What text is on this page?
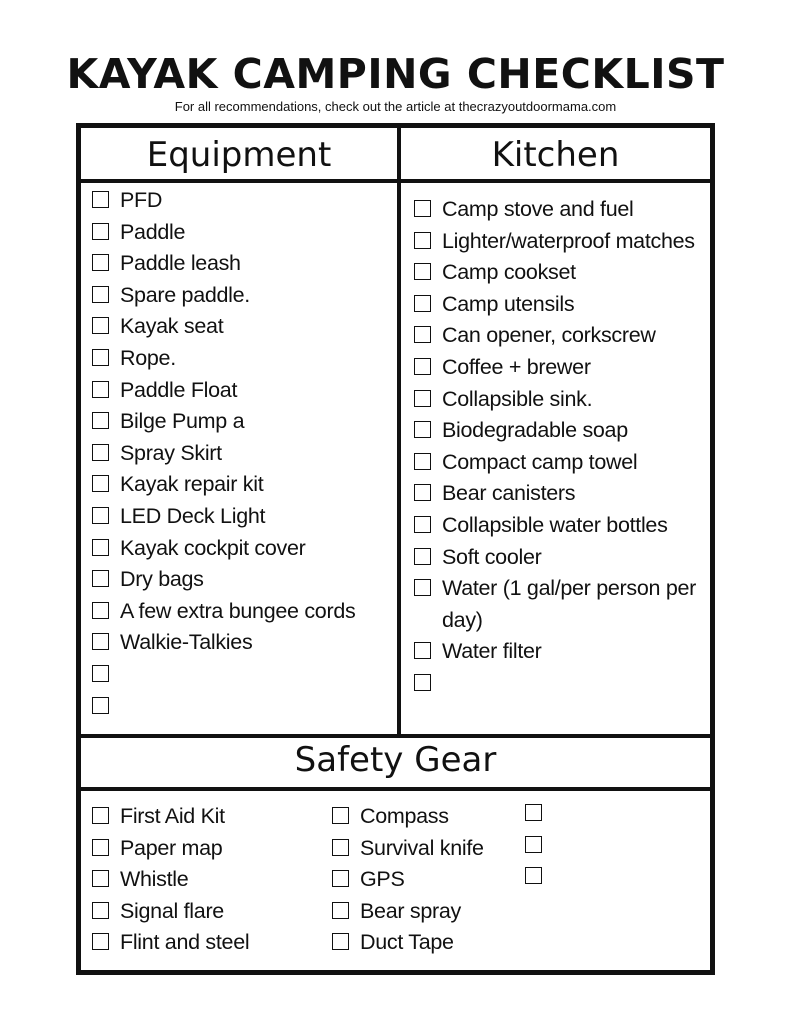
KAYAK CAMPING CHECKLIST
For all recommendations, check out the article at thecrazyoutdoormama.com
Equipment	Kitchen
Safety Gear
PFD
Paddle
Paddle leash
Spare paddle.
Kayak seat
Rope.
Paddle Float
Bilge Pump a
Spray Skirt
Kayak repair kit
LED Deck Light
Kayak cockpit cover
Dry bags
A few extra bungee cords
Walkie-Talkies
Camp stove and fuel
Lighter/waterproof matches
Camp cookset
Camp utensils
Can opener, corkscrew
Coffee + brewer
Collapsible sink.
Biodegradable soap
Compact camp towel
Bear canisters
Collapsible water bottles
Soft cooler
Water (1 gal/per person per day)
Water filter
First Aid Kit
Paper map
Whistle
Signal flare
Flint and steel
Compass
Survival knife
GPS
Bear spray
Duct Tape
